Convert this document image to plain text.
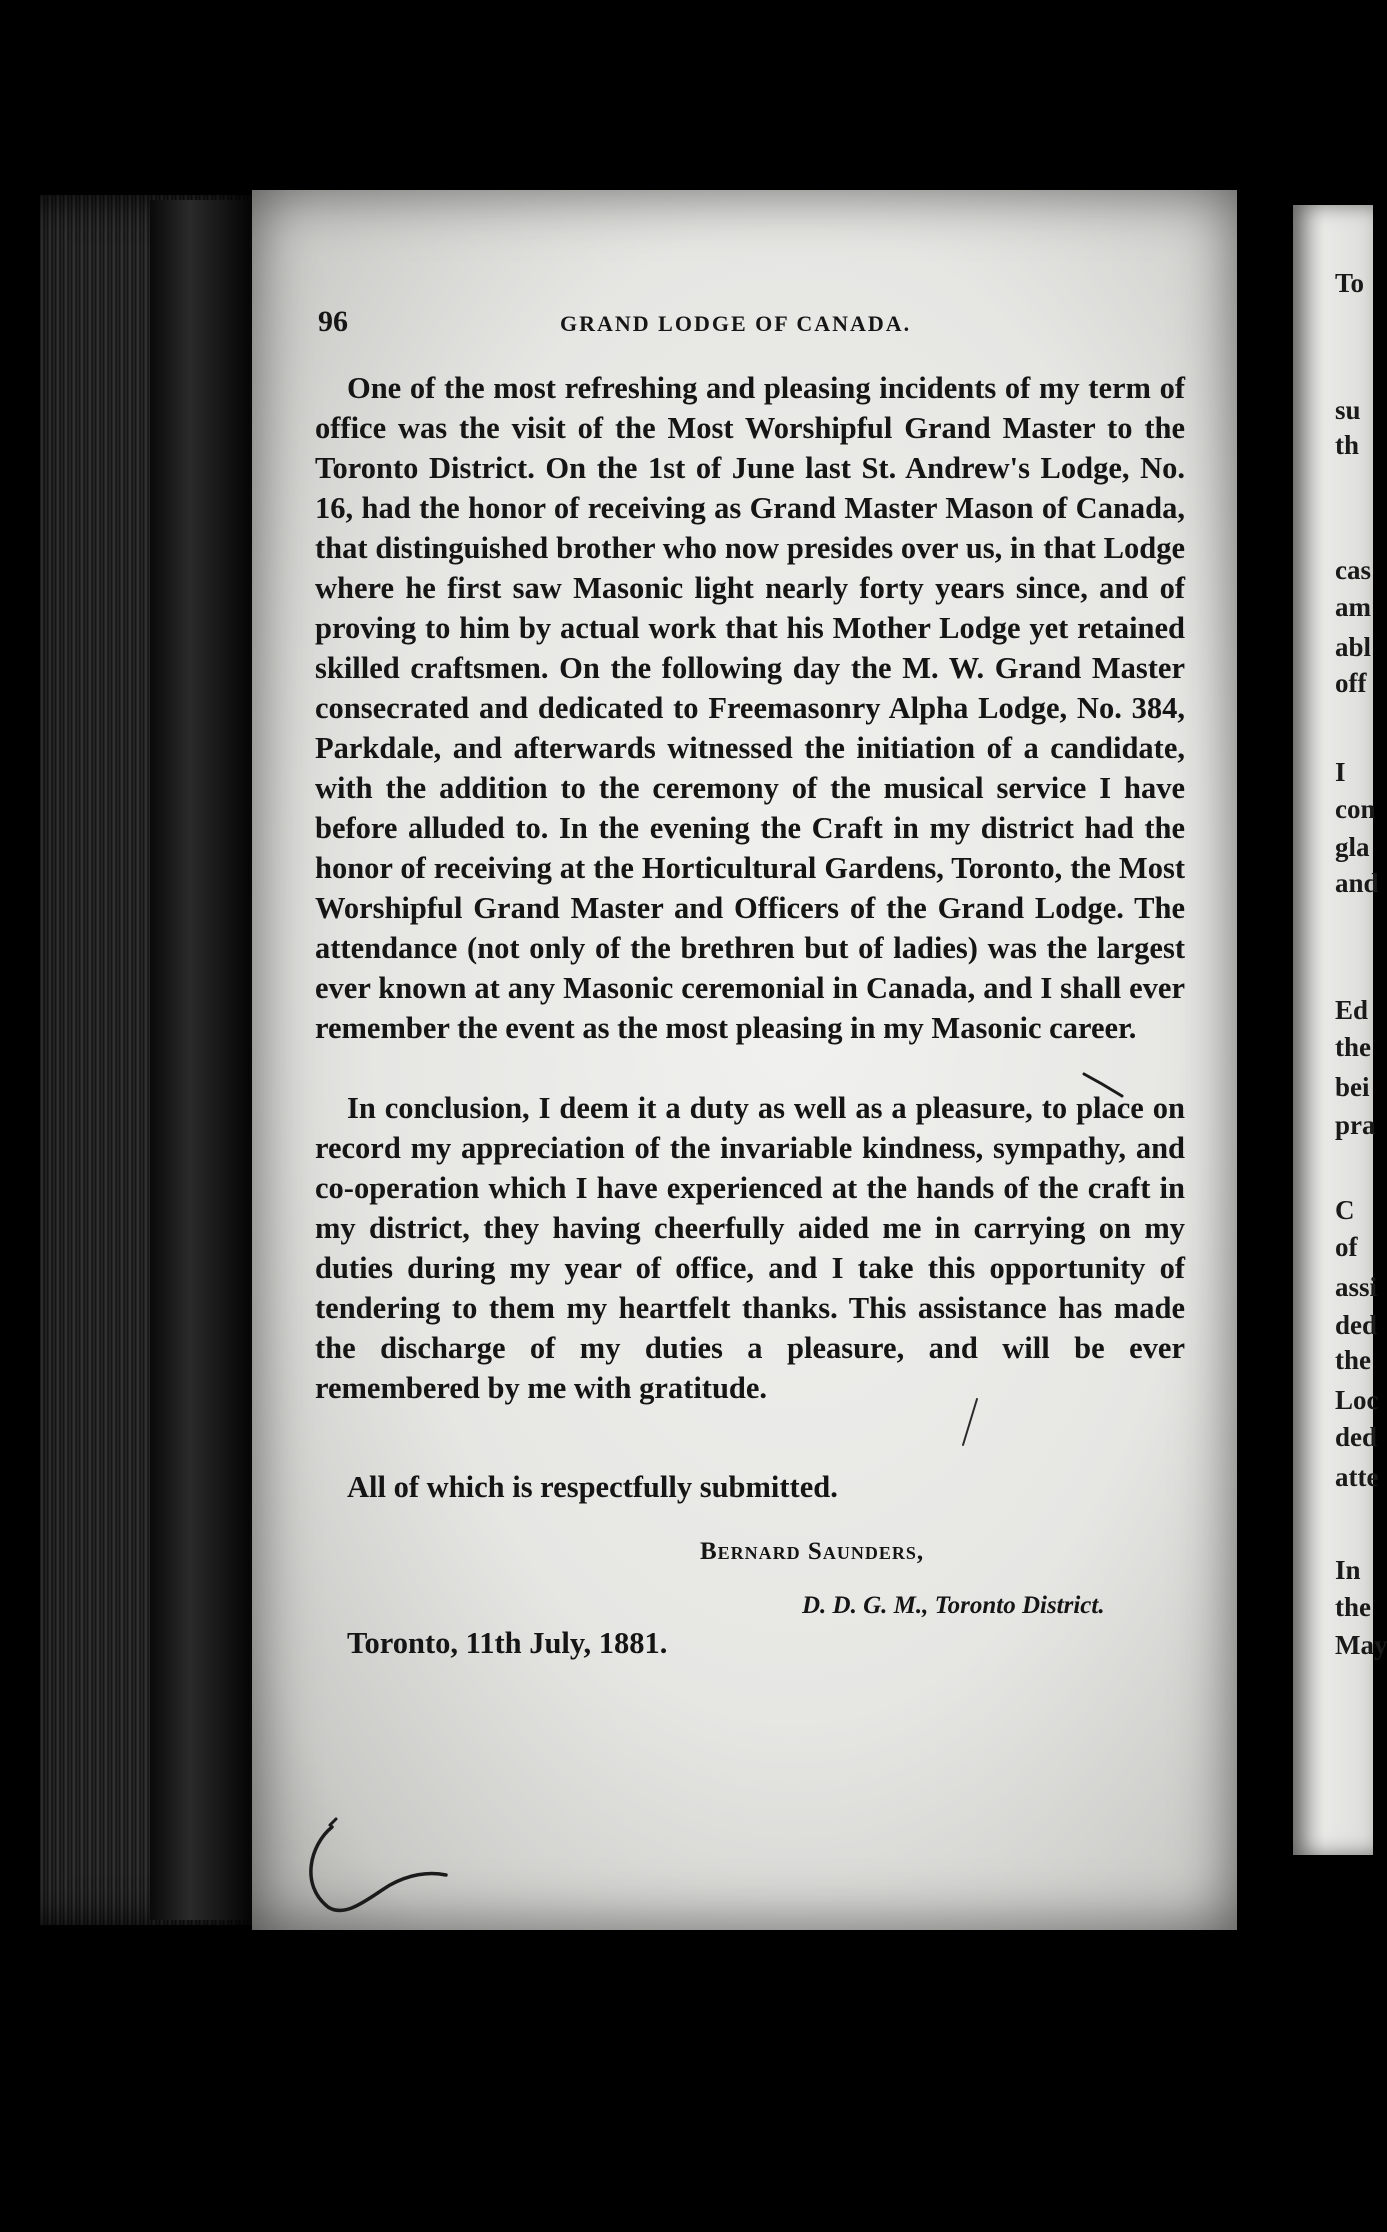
To
su
th
cas
am
abl
off
I
con
gla
and
Ed
the
bei
pra
C
of
assi
ded
the
Loc
ded
atte
In
the
May
96	GRAND LODGE OF CANADA.

One of the most refreshing and pleasing incidents of my term of office was the visit of the Most Worshipful Grand Master to the Toronto District. On the 1st of June last St. Andrew's Lodge, No. 16, had the honor of receiving as Grand Master Mason of Canada, that distinguished brother who now presides over us, in that Lodge where he first saw Masonic light nearly forty years since, and of proving to him by actual work that his Mother Lodge yet retained skilled craftsmen. On the following day the M. W. Grand Master consecrated and dedicated to Freemasonry Alpha Lodge, No. 384, Parkdale, and afterwards witnessed the initiation of a candidate, with the addition to the ceremony of the musical service I have before alluded to. In the evening the Craft in my district had the honor of receiving at the Horticultural Gardens, Toronto, the Most Worshipful Grand Master and Officers of the Grand Lodge. The attendance (not only of the brethren but of ladies) was the largest ever known at any Masonic ceremonial in Canada, and I shall ever remember the event as the most pleasing in my Masonic career.

In conclusion, I deem it a duty as well as a pleasure, to place on record my appreciation of the invariable kindness, sympathy, and co-operation which I have experienced at the hands of the craft in my district, they having cheerfully aided me in carrying on my duties during my year of office, and I take this opportunity of tendering to them my heartfelt thanks. This assistance has made the discharge of my duties a pleasure, and will be ever remembered by me with gratitude.

All of which is respectfully submitted.
Bernard Saunders,
D. D. G. M., Toronto District.
Toronto, 11th July, 1881.
